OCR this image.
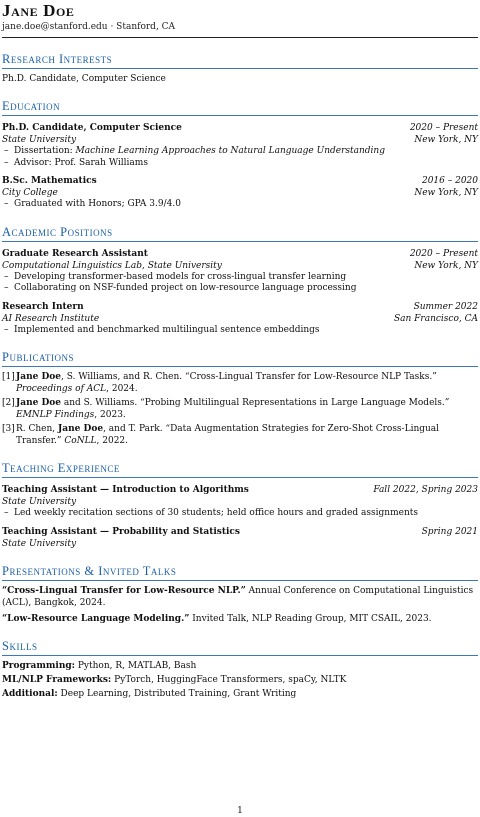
Jane Doe
jane.doe@stanford.edu · Stanford, CA
Research Interests
Ph.D. Candidate, Computer Science
Education
Ph.D. Candidate, Computer Science	2020 – Present
State University	New York, NY
– Dissertation: Machine Learning Approaches to Natural Language Understanding
– Advisor: Prof. Sarah Williams
B.Sc. Mathematics	2016 – 2020
City College	New York, NY
– Graduated with Honors; GPA 3.9/4.0
Academic Positions
Graduate Research Assistant	2020 – Present
Computational Linguistics Lab, State University	New York, NY
– Developing transformer-based models for cross-lingual transfer learning
– Collaborating on NSF-funded project on low-resource language processing
Research Intern	Summer 2022
AI Research Institute	San Francisco, CA
– Implemented and benchmarked multilingual sentence embeddings
Publications
[1] Jane Doe, S. Williams, and R. Chen. “Cross-Lingual Transfer for Low-Resource NLP Tasks.” Proceedings of ACL, 2024.
[2] Jane Doe and S. Williams. “Probing Multilingual Representations in Large Language Models.” EMNLP Findings, 2023.
[3] R. Chen, Jane Doe, and T. Park. “Data Augmentation Strategies for Zero-Shot Cross-Lingual Transfer.” CoNLL, 2022.
Teaching Experience
Teaching Assistant — Introduction to Algorithms	Fall 2022, Spring 2023
State University
– Led weekly recitation sections of 30 students; held office hours and graded assignments
Teaching Assistant — Probability and Statistics	Spring 2021
State University
Presentations & Invited Talks
“Cross-Lingual Transfer for Low-Resource NLP.” Annual Conference on Computational Linguistics (ACL), Bangkok, 2024.
“Low-Resource Language Modeling.” Invited Talk, NLP Reading Group, MIT CSAIL, 2023.
Skills
Programming: Python, R, MATLAB, Bash
ML/NLP Frameworks: PyTorch, HuggingFace Transformers, spaCy, NLTK
Additional: Deep Learning, Distributed Training, Grant Writing
1
